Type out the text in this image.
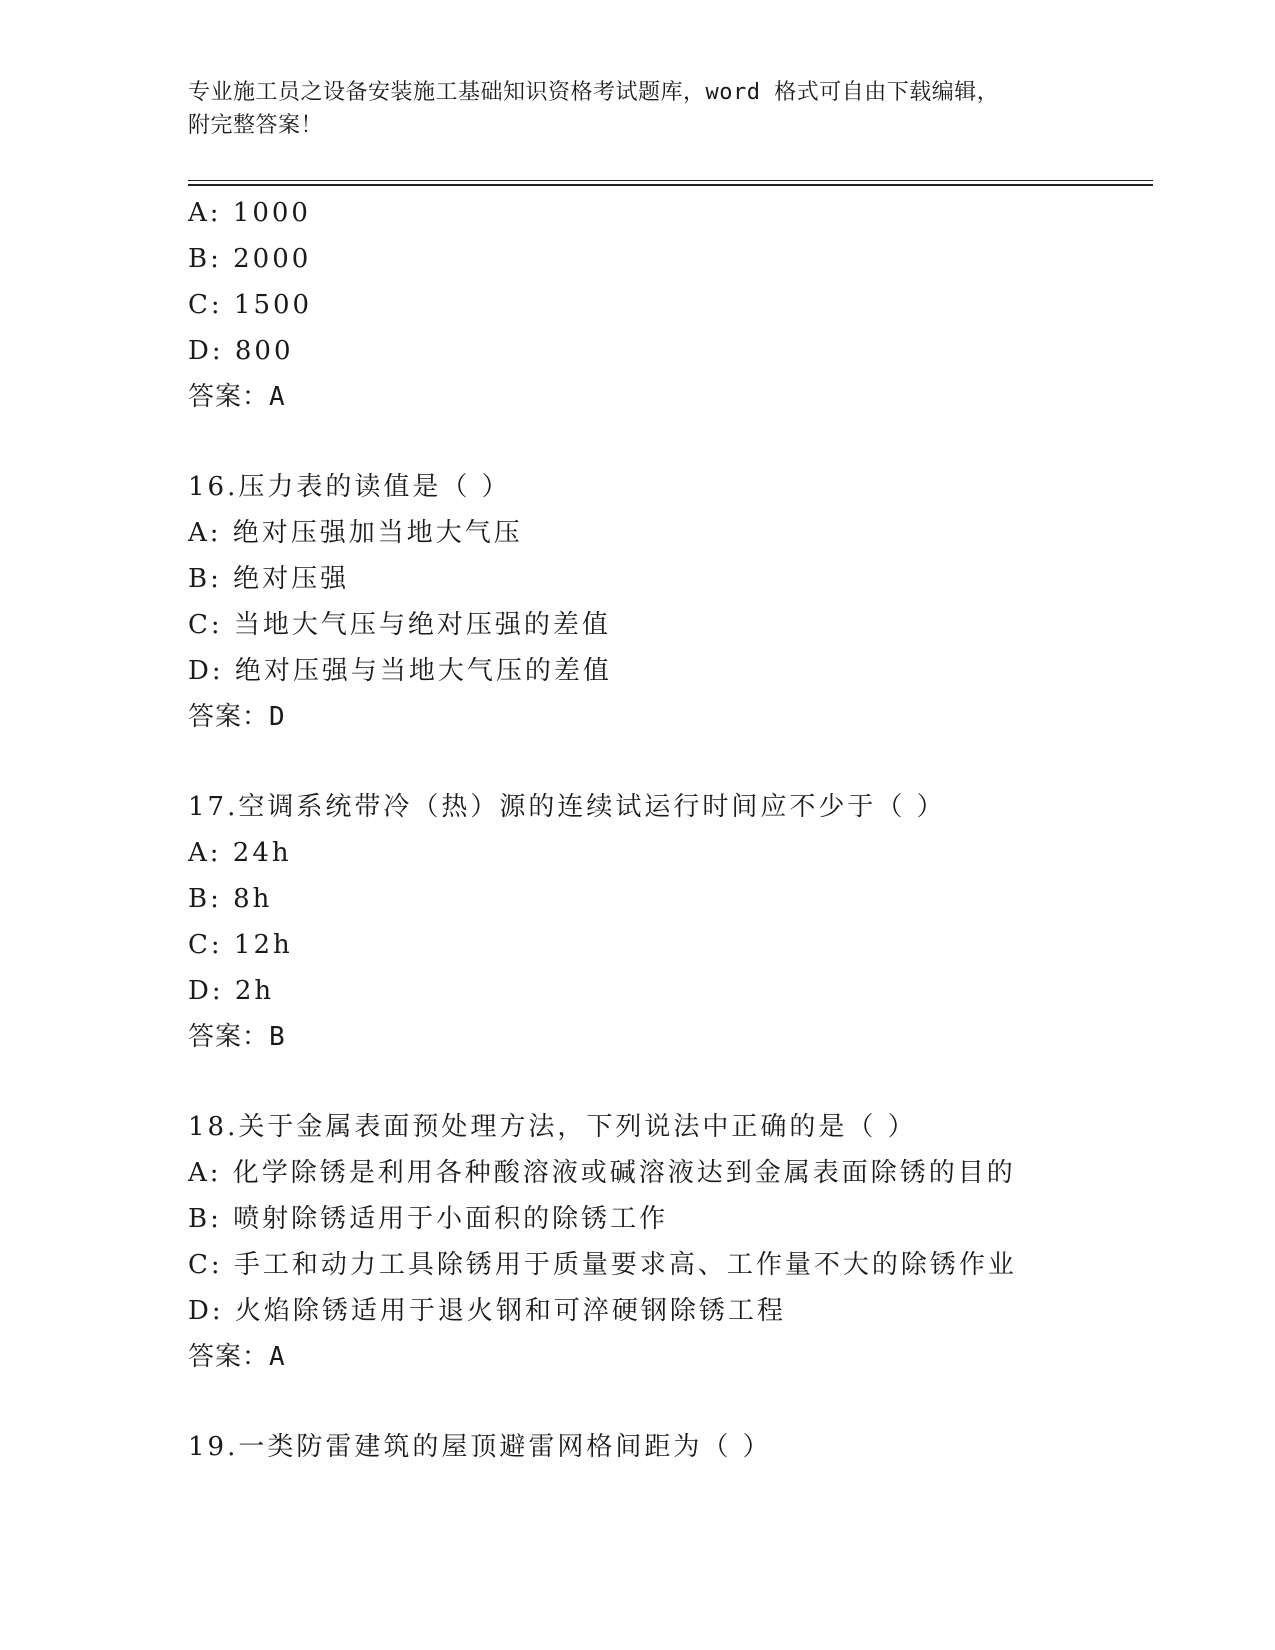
专业施工员之设备安装施工基础知识资格考试题库，word 格式可自由下载编辑，
附完整答案！
A: 1000
B: 2000
C: 1500
D: 800
答案：A
16.压力表的读值是（ ）
A: 绝对压强加当地大气压
B: 绝对压强
C: 当地大气压与绝对压强的差值
D: 绝对压强与当地大气压的差值
答案：D
17.空调系统带冷（热）源的连续试运行时间应不少于（ ）
A: 24h
B: 8h
C: 12h
D: 2h
答案：B
18.关于金属表面预处理方法，下列说法中正确的是（ ）
A: 化学除锈是利用各种酸溶液或碱溶液达到金属表面除锈的目的
B: 喷射除锈适用于小面积的除锈工作
C: 手工和动力工具除锈用于质量要求高、工作量不大的除锈作业
D: 火焰除锈适用于退火钢和可淬硬钢除锈工程
答案：A
19.一类防雷建筑的屋顶避雷网格间距为（ ）
